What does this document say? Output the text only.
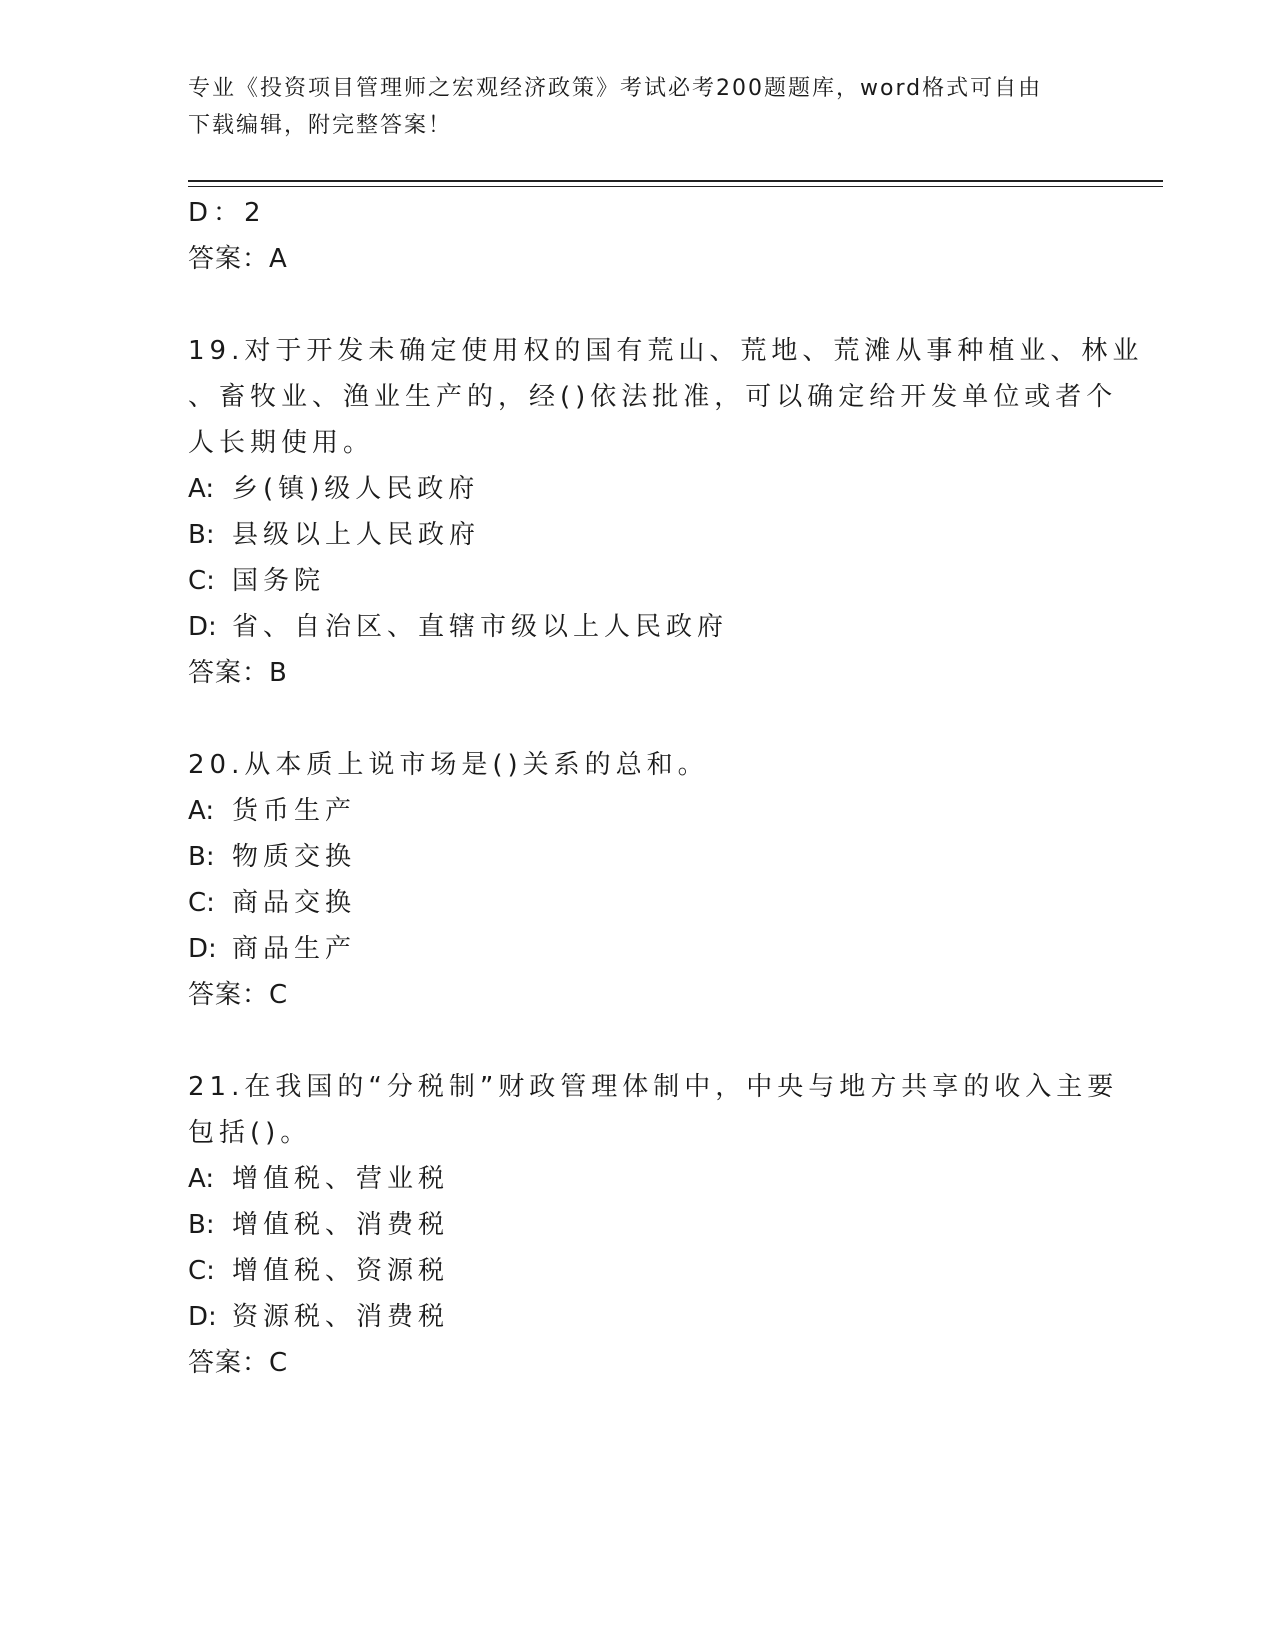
专业《投资项目管理师之宏观经济政策》考试必考200题题库，word格式可自由
下载编辑，附完整答案！
D：2
答案：A
19.对于开发未确定使用权的国有荒山、荒地、荒滩从事种植业、林业
、畜牧业、渔业生产的，经()依法批准，可以确定给开发单位或者个
人长期使用。
A: 乡(镇)级人民政府
B: 县级以上人民政府
C: 国务院
D: 省、自治区、直辖市级以上人民政府
答案：B
20.从本质上说市场是()关系的总和。
A: 货币生产
B: 物质交换
C: 商品交换
D: 商品生产
答案：C
21.在我国的“分税制”财政管理体制中，中央与地方共享的收入主要
包括()。
A: 增值税、营业税
B: 增值税、消费税
C: 增值税、资源税
D: 资源税、消费税
答案：C
